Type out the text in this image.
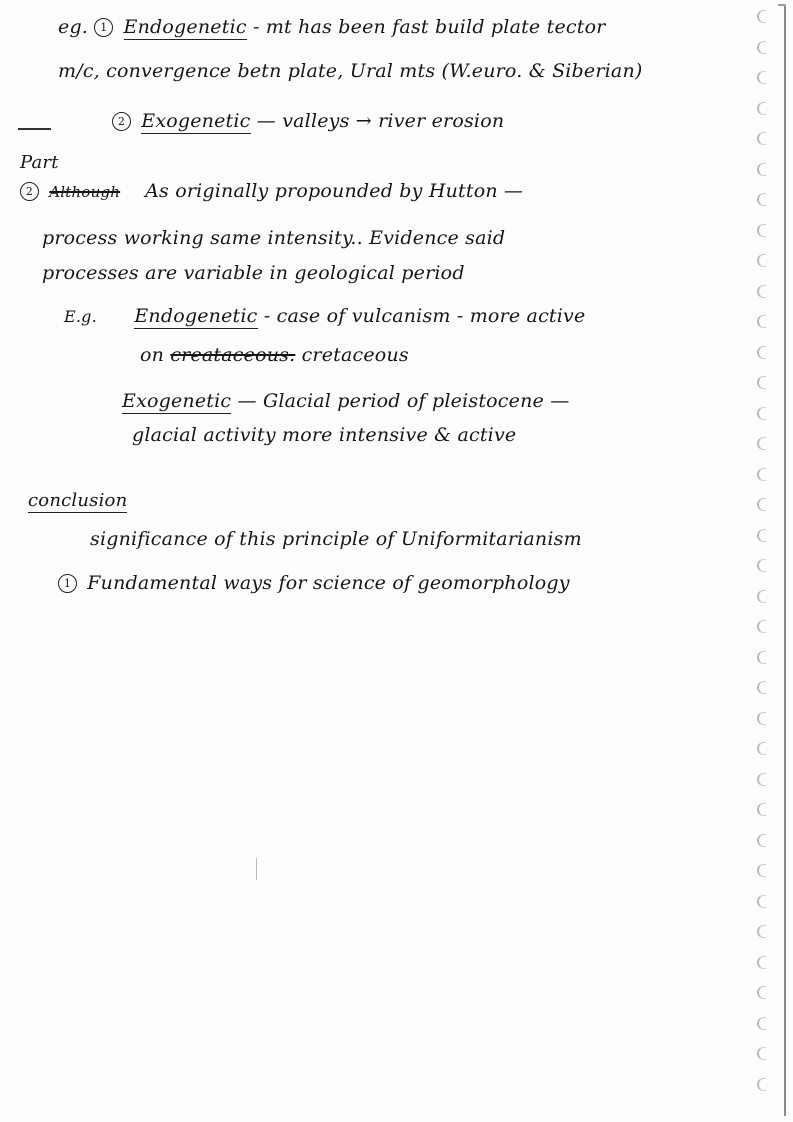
eg. 1 Endogenetic - mt has been fast build plate tector
m/c, convergence betn plate, Ural mts (W.euro. & Siberian)
2 Exogenetic — valleys → river erosion
Part
2 Although As originally propounded by Hutton —
process working same intensity.. Evidence said
processes are variable in geological period
E.g. Endogenetic - case of vulcanism - more active
on creataceous. cretaceous
Exogenetic — Glacial period of pleistocene —
glacial activity more intensive & active
conclusion
significance of this principle of Uniformitarianism
1 Fundamental ways for science of geomorphology
